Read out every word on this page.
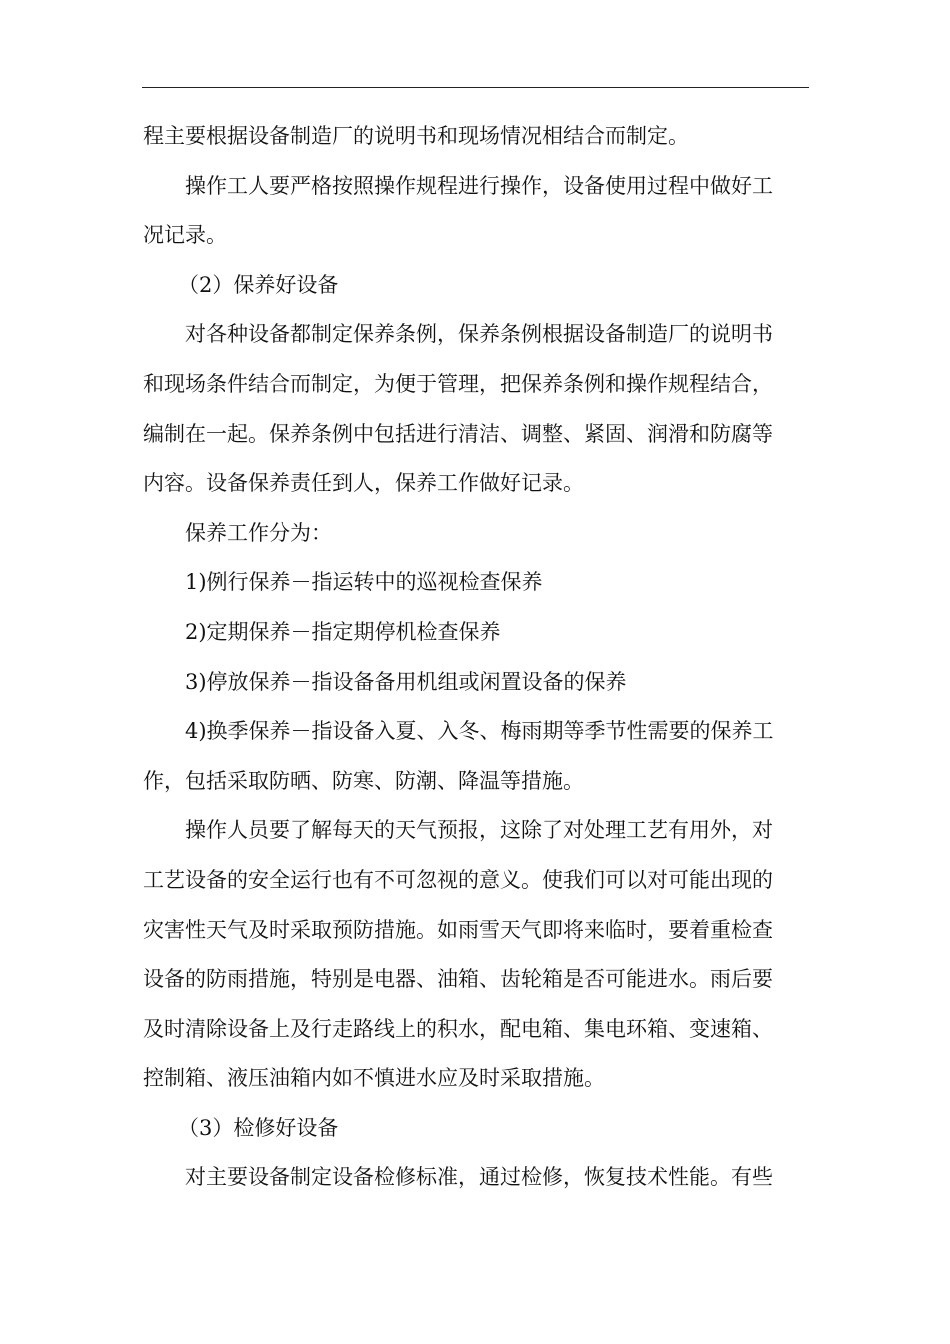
程主要根据设备制造厂的说明书和现场情况相结合而制定。
操作工人要严格按照操作规程进行操作，设备使用过程中做好工
况记录。
（2）保养好设备
对各种设备都制定保养条例，保养条例根据设备制造厂的说明书
和现场条件结合而制定，为便于管理，把保养条例和操作规程结合，
编制在一起。保养条例中包括进行清洁、调整、紧固、润滑和防腐等
内容。设备保养责任到人，保养工作做好记录。
保养工作分为：
1)例行保养－指运转中的巡视检查保养
2)定期保养－指定期停机检查保养
3)停放保养－指设备备用机组或闲置设备的保养
4)换季保养－指设备入夏、入冬、梅雨期等季节性需要的保养工
作，包括采取防晒、防寒、防潮、降温等措施。
操作人员要了解每天的天气预报，这除了对处理工艺有用外，对
工艺设备的安全运行也有不可忽视的意义。使我们可以对可能出现的
灾害性天气及时采取预防措施。如雨雪天气即将来临时，要着重检查
设备的防雨措施，特别是电器、油箱、齿轮箱是否可能进水。雨后要
及时清除设备上及行走路线上的积水，配电箱、集电环箱、变速箱、
控制箱、液压油箱内如不慎进水应及时采取措施。
（3）检修好设备
对主要设备制定设备检修标准，通过检修，恢复技术性能。有些
